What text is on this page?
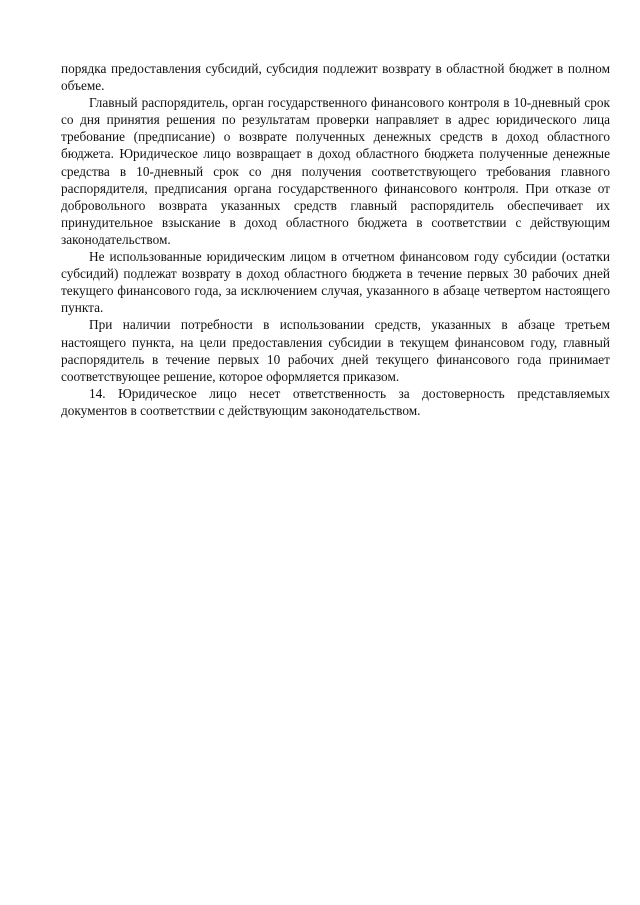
порядка предоставления субсидий, субсидия подлежит возврату в областной бюджет в полном объеме.

Главный распорядитель, орган государственного финансового контроля в 10-дневный срок со дня принятия решения по результатам проверки направляет в адрес юридического лица требование (предписание) о возврате полученных денежных средств в доход областного бюджета. Юридическое лицо возвращает в доход областного бюджета полученные денежные средства в 10-дневный срок со дня получения соответствующего требования главного распорядителя, предписания органа государственного финансового контроля. При отказе от добровольного возврата указанных средств главный распорядитель обеспечивает их принудительное взыскание в доход областного бюджета в соответствии с действующим законодательством.

Не использованные юридическим лицом в отчетном финансовом году субсидии (остатки субсидий) подлежат возврату в доход областного бюджета в течение первых 30 рабочих дней текущего финансового года, за исключением случая, указанного в абзаце четвертом настоящего пункта.

При наличии потребности в использовании средств, указанных в абзаце третьем настоящего пункта, на цели предоставления субсидии в текущем финансовом году, главный распорядитель в течение первых 10 рабочих дней текущего финансового года принимает соответствующее решение, которое оформляется приказом.

14. Юридическое лицо несет ответственность за достоверность представляемых документов в соответствии с действующим законодательством.
